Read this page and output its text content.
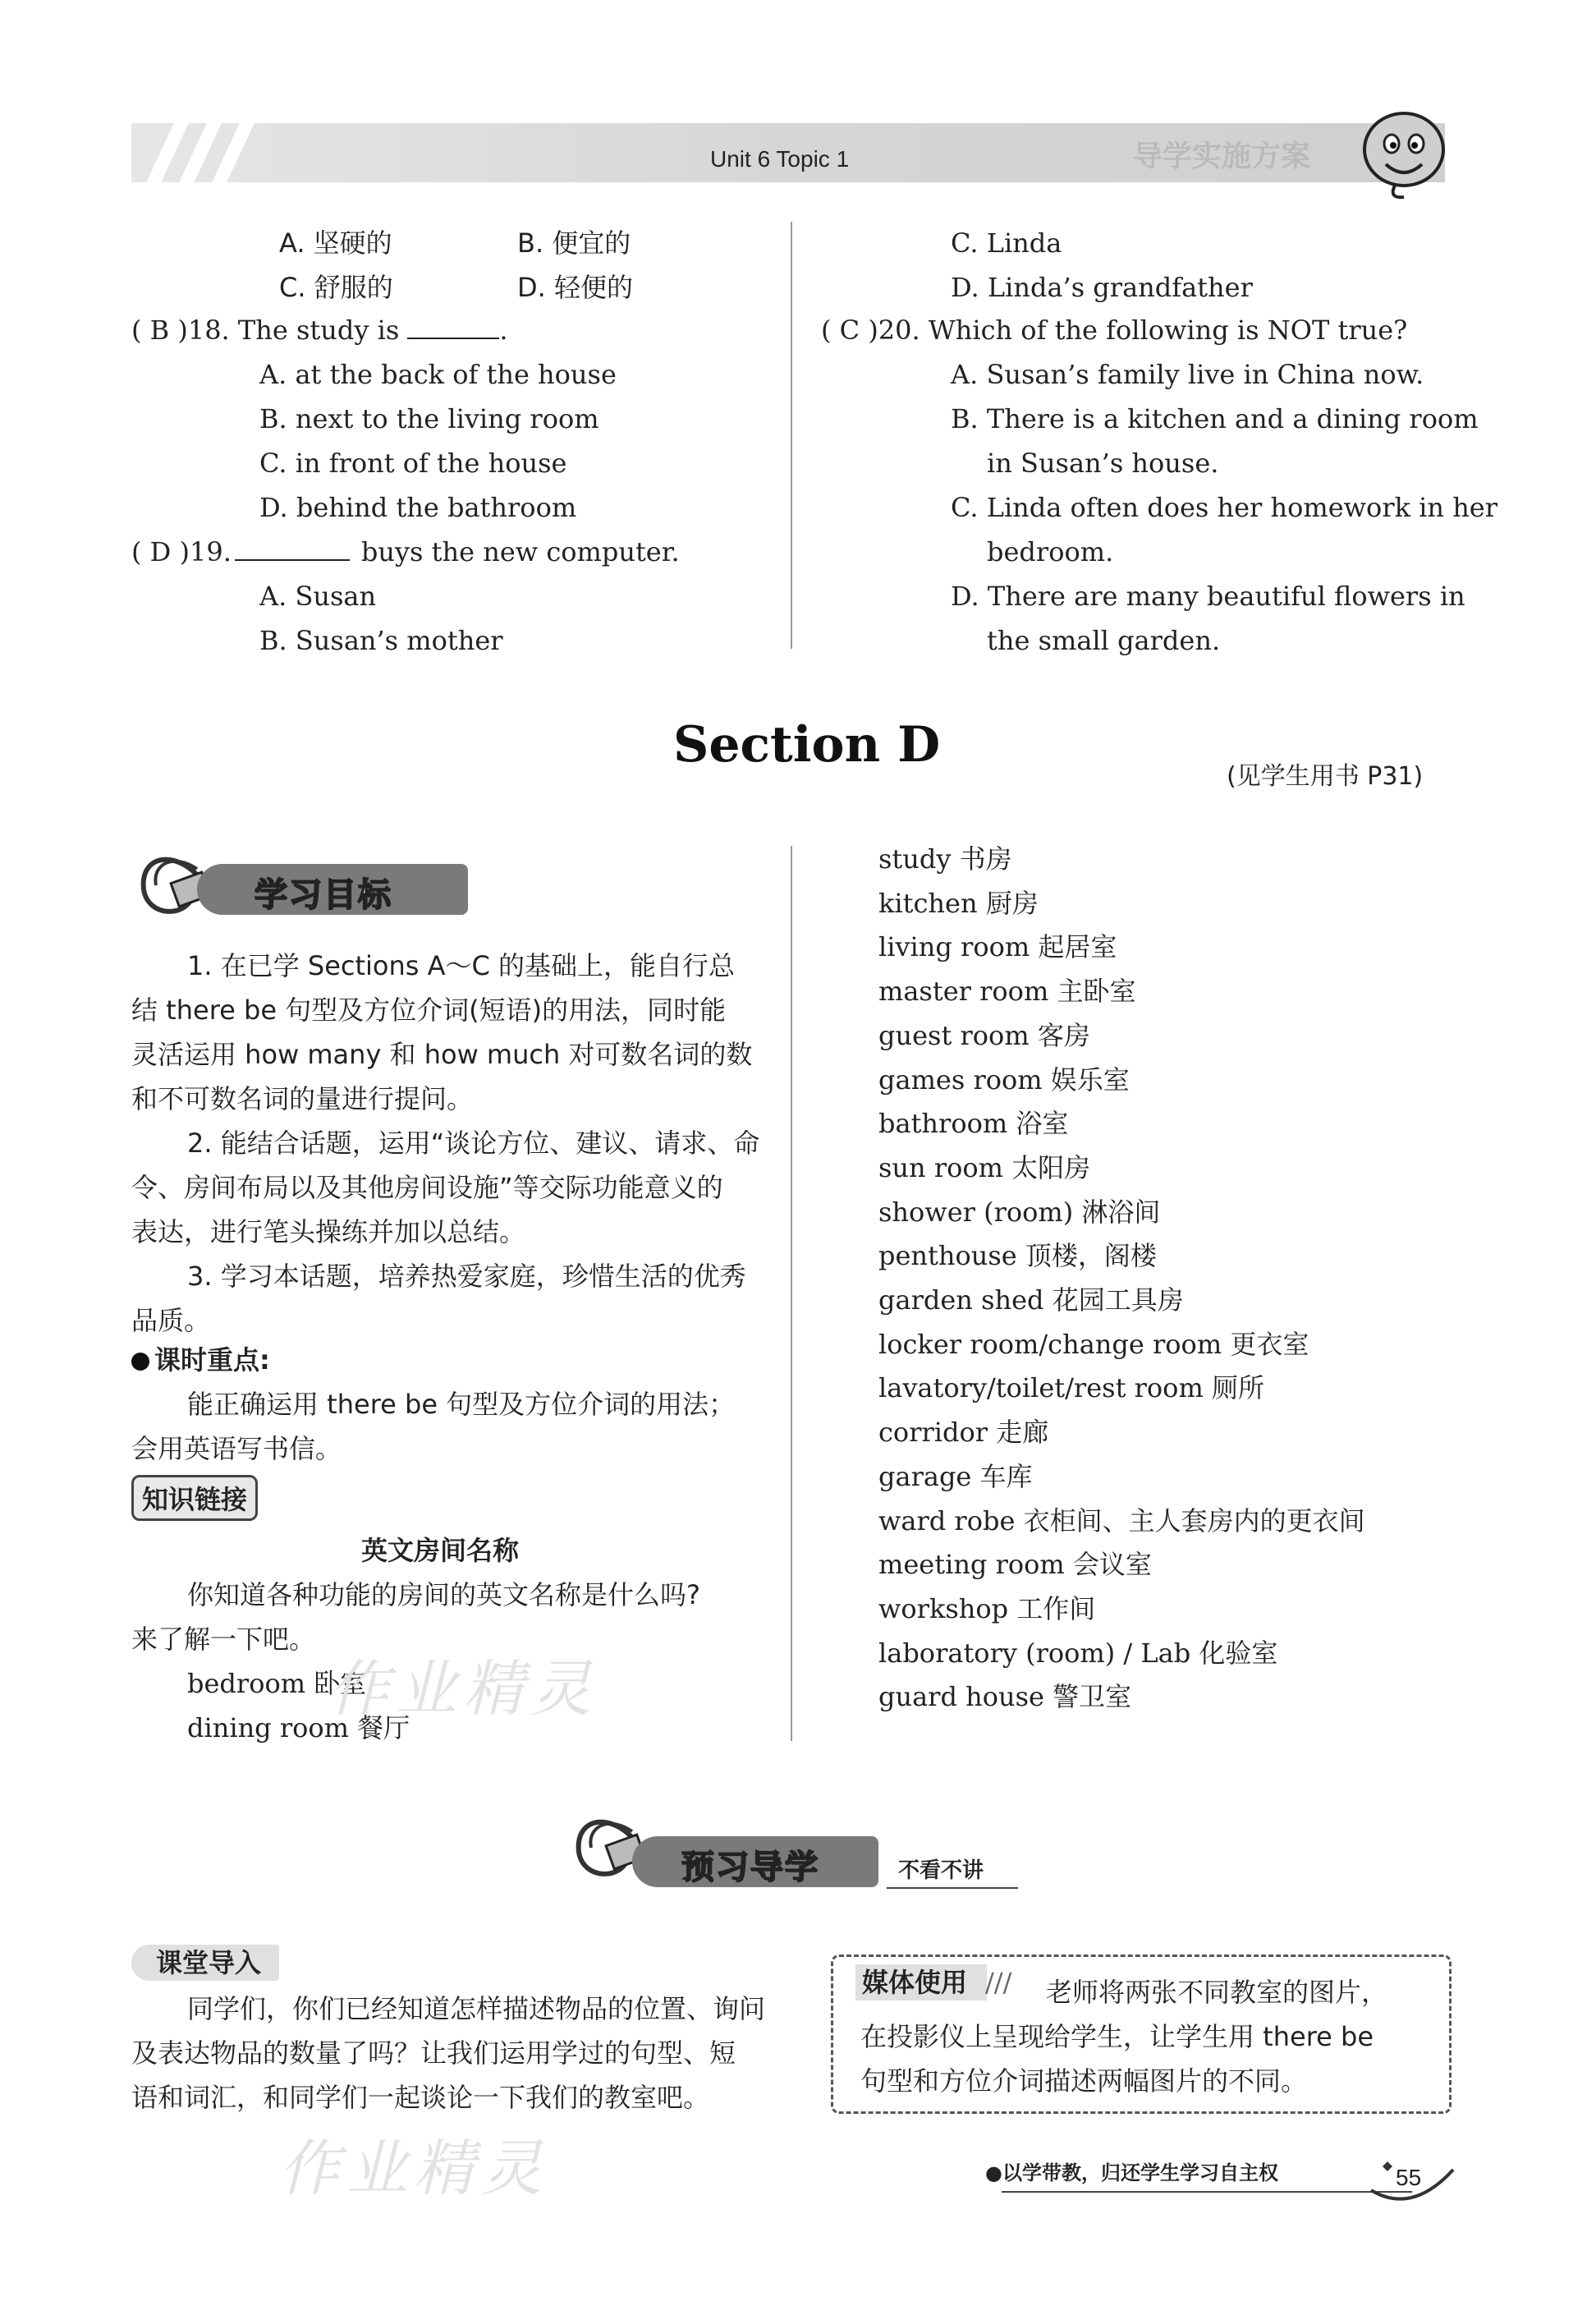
导学实施方案
Unit 6 Topic 1
A. 坚硬的	B. 便宜的
C. 舒服的	D. 轻便的
( B )18. The study is	.
A. at the back of the house
B. next to the living room
C. in front of the house
D. behind the bathroom
( D )19.	buys the new computer.
A. Susan
B. Susan’s mother
C. Linda
D. Linda’s grandfather
( C )20. Which of the following is NOT true?
A. Susan’s family live in China now.
B. There is a kitchen and a dining room
in Susan’s house.
C. Linda often does her homework in her
bedroom.
D. There are many beautiful flowers in
the small garden.
Section D
(见学生用书 P31)
学习目标
1. 在已学 Sections A～C 的基础上，能自行总
结 there be 句型及方位介词(短语)的用法，同时能
灵活运用 how many 和 how much 对可数名词的数
和不可数名词的量进行提问。
2. 能结合话题，运用“谈论方位、建议、请求、命
令、房间布局以及其他房间设施”等交际功能意义的
表达，进行笔头操练并加以总结。
3. 学习本话题，培养热爱家庭，珍惜生活的优秀
品质。
课时重点:
能正确运用 there be 句型及方位介词的用法；
会用英语写书信。
知识链接
英文房间名称
你知道各种功能的房间的英文名称是什么吗?
来了解一下吧。
bedroom 卧室
dining room 餐厅
study 书房
kitchen 厨房
living room 起居室
master room 主卧室
guest room 客房
games room 娱乐室
bathroom 浴室
sun room 太阳房
shower (room) 淋浴间
penthouse 顶楼，阁楼
garden shed 花园工具房
locker room/change room 更衣室
lavatory/toilet/rest room 厕所
corridor 走廊
garage 车库
ward robe 衣柜间、主人套房内的更衣间
meeting room 会议室
workshop 工作间
laboratory (room) / Lab 化验室
guard house 警卫室
作业精灵
作业精灵
预习导学	不看不讲
课堂导入
同学们，你们已经知道怎样描述物品的位置、询问
及表达物品的数量了吗？让我们运用学过的句型、短
语和词汇，和同学们一起谈论一下我们的教室吧。
媒体使用 /// 老师将两张不同教室的图片，
在投影仪上呈现给学生，让学生用 there be
句型和方位介词描述两幅图片的不同。
●以学带教，归还学生学习自主权	55
